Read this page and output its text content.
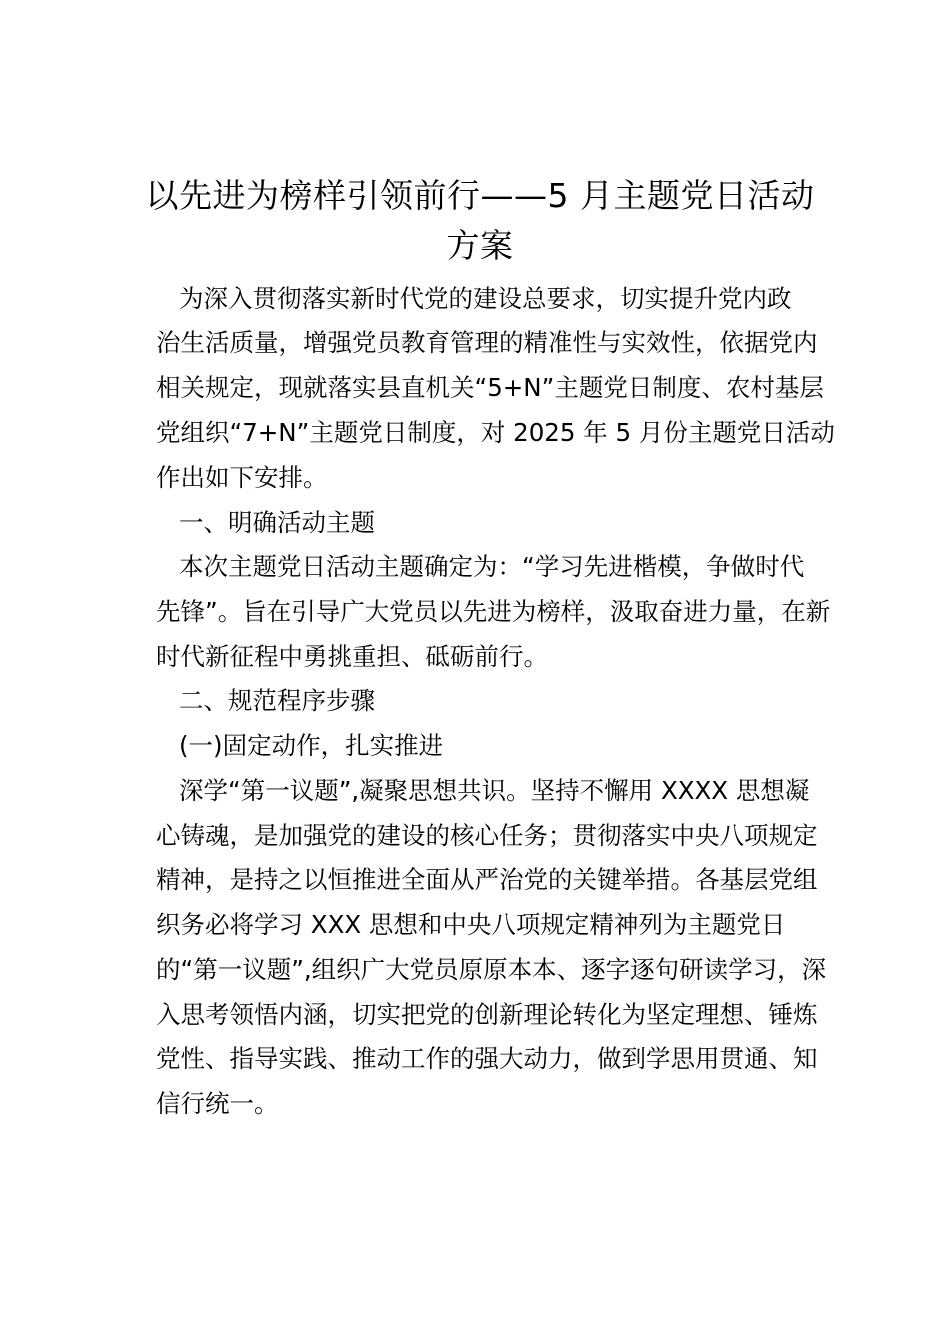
以先进为榜样引领前行——5 月主题党日活动
方案

为深入贯彻落实新时代党的建设总要求，切实提升党内政

治生活质量，增强党员教育管理的精准性与实效性，依据党内

相关规定，现就落实县直机关“5+N”主题党日制度、农村基层

党组织“7+N”主题党日制度，对 2025 年 5 月份主题党日活动

作出如下安排。

一、明确活动主题

本次主题党日活动主题确定为：“学习先进楷模，争做时代

先锋”。旨在引导广大党员以先进为榜样，汲取奋进力量，在新

时代新征程中勇挑重担、砥砺前行。

二、规范程序步骤

(一)固定动作，扎实推进

深学“第一议题”,凝聚思想共识。坚持不懈用 XXXX 思想凝

心铸魂，是加强党的建设的核心任务；贯彻落实中央八项规定

精神，是持之以恒推进全面从严治党的关键举措。各基层党组

织务必将学习 XXX 思想和中央八项规定精神列为主题党日

的“第一议题”,组织广大党员原原本本、逐字逐句研读学习，深

入思考领悟内涵，切实把党的创新理论转化为坚定理想、锤炼

党性、指导实践、推动工作的强大动力，做到学思用贯通、知

信行统一。
